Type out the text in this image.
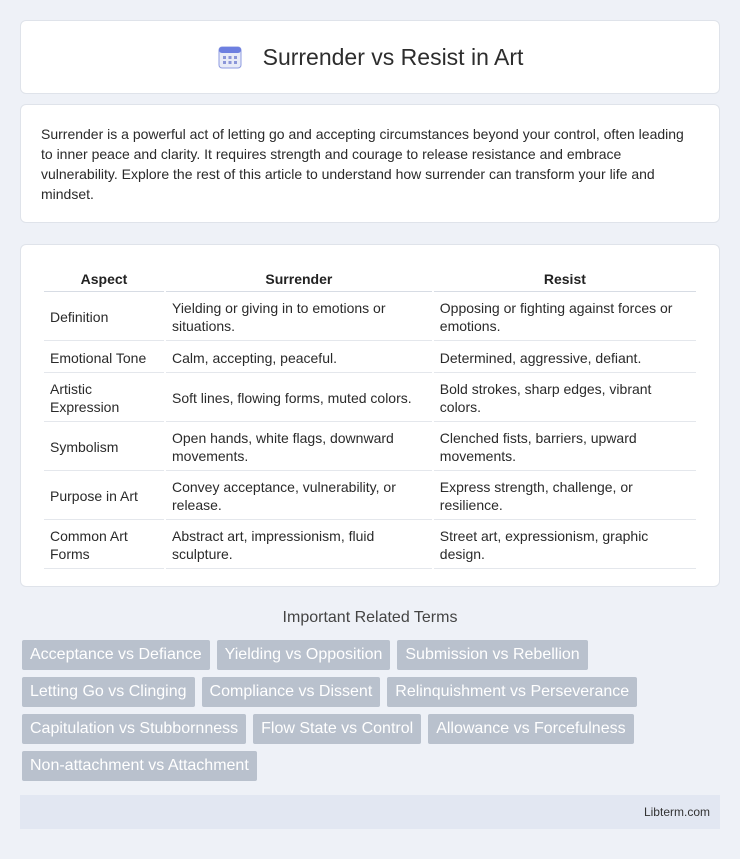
Surrender vs Resist in Art

Surrender is a powerful act of letting go and accepting circumstances beyond your control, often leading to inner peace and clarity. It requires strength and courage to release resistance and embrace vulnerability. Explore the rest of this article to understand how surrender can transform your life and mindset.

Aspect	Surrender	Resist
Definition	Yielding or giving in to emotions or situations.	Opposing or fighting against forces or emotions.
Emotional Tone	Calm, accepting, peaceful.	Determined, aggressive, defiant.
Artistic Expression	Soft lines, flowing forms, muted colors.	Bold strokes, sharp edges, vibrant colors.
Symbolism	Open hands, white flags, downward movements.	Clenched fists, barriers, upward movements.
Purpose in Art	Convey acceptance, vulnerability, or release.	Express strength, challenge, or resilience.
Common Art Forms	Abstract art, impressionism, fluid sculpture.	Street art, expressionism, graphic design.
Important Related Terms
Acceptance vs Defiance	Yielding vs Opposition	Submission vs Rebellion
Letting Go vs Clinging	Compliance vs Dissent	Relinquishment vs Perseverance
Capitulation vs Stubbornness	Flow State vs Control	Allowance vs Forcefulness
Non-attachment vs Attachment
Libterm.com
